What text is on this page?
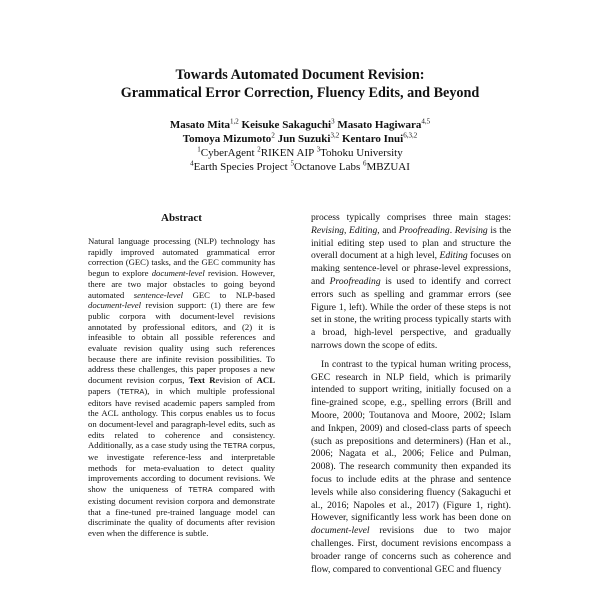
Towards Automated Document Revision:
Grammatical Error Correction, Fluency Edits, and Beyond
Masato Mita$^{1,2}$ Keisuke Sakaguchi$^3$ Masato Hagiwara$^{4,5}$
Tomoya Mizumoto$^2$ Jun Suzuki$^{3,2}$ Kentaro Inui$^{6,3,2}$
$^1$CyberAgent $^2$RIKEN AIP $^3$Tohoku University
$^4$Earth Species Project $^5$Octanove Labs $^6$MBZUAI
Abstract

Natural language processing (NLP) technology has rapidly improved automated grammatical error correction (GEC) tasks, and the GEC community has begun to explore document-level revision. However, there are two major obstacles to going beyond automated sentence-level GEC to NLP-based document-level revision support: (1) there are few public corpora with document-level revisions annotated by professional editors, and (2) it is infeasible to obtain all possible references and evaluate revision quality using such references because there are infinite revision possibilities. To address these challenges, this paper proposes a new document revision corpus, Text Revision of ACL papers (TETRA), in which multiple professional editors have revised academic papers sampled from the ACL anthology. This corpus enables us to focus on document-level and paragraph-level edits, such as edits related to coherence and consistency. Additionally, as a case study using the TETRA corpus, we investigate reference-less and interpretable methods for meta-evaluation to detect quality improvements according to document revisions. We show the uniqueness of TETRA compared with existing document revision corpora and demonstrate that a fine-tuned pre-trained language model can discriminate the quality of documents after revision even when the difference is subtle.

process typically comprises three main stages: Revising, Editing, and Proofreading. Revising is the initial editing step used to plan and structure the overall document at a high level, Editing focuses on making sentence-level or phrase-level expressions, and Proofreading is used to identify and correct errors such as spelling and grammar errors (see Figure 1, left). While the order of these steps is not set in stone, the writing process typically starts with a broad, high-level perspective, and gradually narrows down the scope of edits.

In contrast to the typical human writing process, GEC research in NLP field, which is primarily intended to support writing, initially focused on a fine-grained scope, e.g., spelling errors (Brill and Moore, 2000; Toutanova and Moore, 2002; Islam and Inkpen, 2009) and closed-class parts of speech (such as prepositions and determiners) (Han et al., 2006; Nagata et al., 2006; Felice and Pulman, 2008). The research community then expanded its focus to include edits at the phrase and sentence levels while also considering fluency (Sakaguchi et al., 2016; Napoles et al., 2017) (Figure 1, right). However, significantly less work has been done on document-level revisions due to two major challenges. First, document revisions encompass a broader range of concerns such as coherence and flow, compared to conventional GEC and fluency
